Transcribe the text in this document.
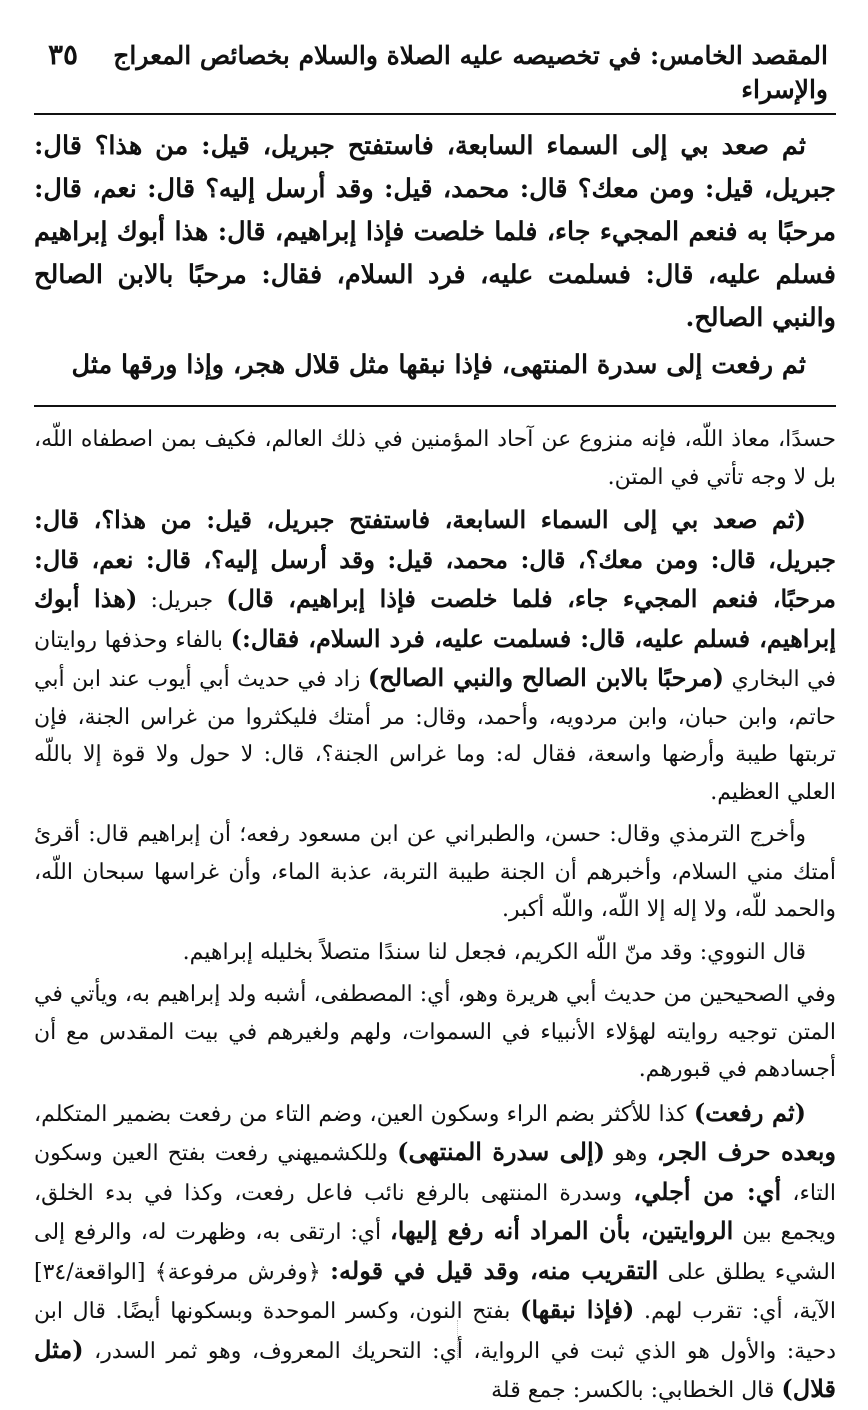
المقصد الخامس: في تخصيصه عليه الصلاة والسلام بخصائص المعراج والإسراء
٣٥

ثم صعد بي إلى السماء السابعة، فاستفتح جبريل، قيل: من هذا؟ قال: جبريل، قيل: ومن معك؟ قال: محمد، قيل: وقد أرسل إليه؟ قال: نعم، قال: مرحبًا به فنعم المجيء جاء، فلما خلصت فإذا إبراهيم، قال: هذا أبوك إبراهيم فسلم عليه، قال: فسلمت عليه، فرد السلام، فقال: مرحبًا بالابن الصالح والنبي الصالح.

ثم رفعت إلى سدرة المنتهى، فإذا نبقها مثل قلال هجر، وإذا ورقها مثل

حسدًا، معاذ اللّه، فإنه منزوع عن آحاد المؤمنين في ذلك العالم، فكيف بمن اصطفاه اللّه، بل لا وجه تأتي في المتن.

(ثم صعد بي إلى السماء السابعة، فاستفتح جبريل، قيل: من هذا؟، قال: جبريل، قال: ومن معك؟، قال: محمد، قيل: وقد أرسل إليه؟، قال: نعم، قال: مرحبًا، فنعم المجيء جاء، فلما خلصت فإذا إبراهيم، قال) جبريل: (هذا أبوك إبراهيم، فسلم عليه، قال: فسلمت عليه، فرد السلام، فقال:) بالفاء وحذفها روايتان في البخاري (مرحبًا بالابن الصالح والنبي الصالح) زاد في حديث أبي أيوب عند ابن أبي حاتم، وابن حبان، وابن مردويه، وأحمد، وقال: مر أمتك فليكثروا من غراس الجنة، فإن تربتها طيبة وأرضها واسعة، فقال له: وما غراس الجنة؟، قال: لا حول ولا قوة إلا باللّه العلي العظيم.

وأخرج الترمذي وقال: حسن، والطبراني عن ابن مسعود رفعه؛ أن إبراهيم قال: أقرئ أمتك مني السلام، وأخبرهم أن الجنة طيبة التربة، عذبة الماء، وأن غراسها سبحان اللّه، والحمد للّه، ولا إله إلا اللّه، واللّه أكبر.

قال النووي: وقد منّ اللّه الكريم، فجعل لنا سندًا متصلاً بخليله إبراهيم.

وفي الصحيحين من حديث أبي هريرة وهو، أي: المصطفى، أشبه ولد إبراهيم به، ويأتي في المتن توجيه روايته لهؤلاء الأنبياء في السموات، ولهم ولغيرهم في بيت المقدس مع أن أجسادهم في قبورهم.

(ثم رفعت) كذا للأكثر بضم الراء وسكون العين، وضم التاء من رفعت بضمير المتكلم، وبعده حرف الجر، وهو (إلى سدرة المنتهى) وللكشميهني رفعت بفتح العين وسكون التاء، أي: من أجلي، وسدرة المنتهى بالرفع نائب فاعل رفعت، وكذا في بدء الخلق، ويجمع بين الروايتين، بأن المراد أنه رفع إليها، أي: ارتقى به، وظهرت له، والرفع إلى الشيء يطلق على التقريب منه، وقد قيل في قوله: ﴿وفرش مرفوعة﴾ [الواقعة/٣٤] الآية، أي: تقرب لهم. (فإذا نبقها) بفتح النون، وكسر الموحدة وبسكونها أيضًا. قال ابن دحية: والأول هو الذي ثبت في الرواية، أي: التحريك المعروف، وهو ثمر السدر، (مثل قلال) قال الخطابي: بالكسر: جمع قلة
